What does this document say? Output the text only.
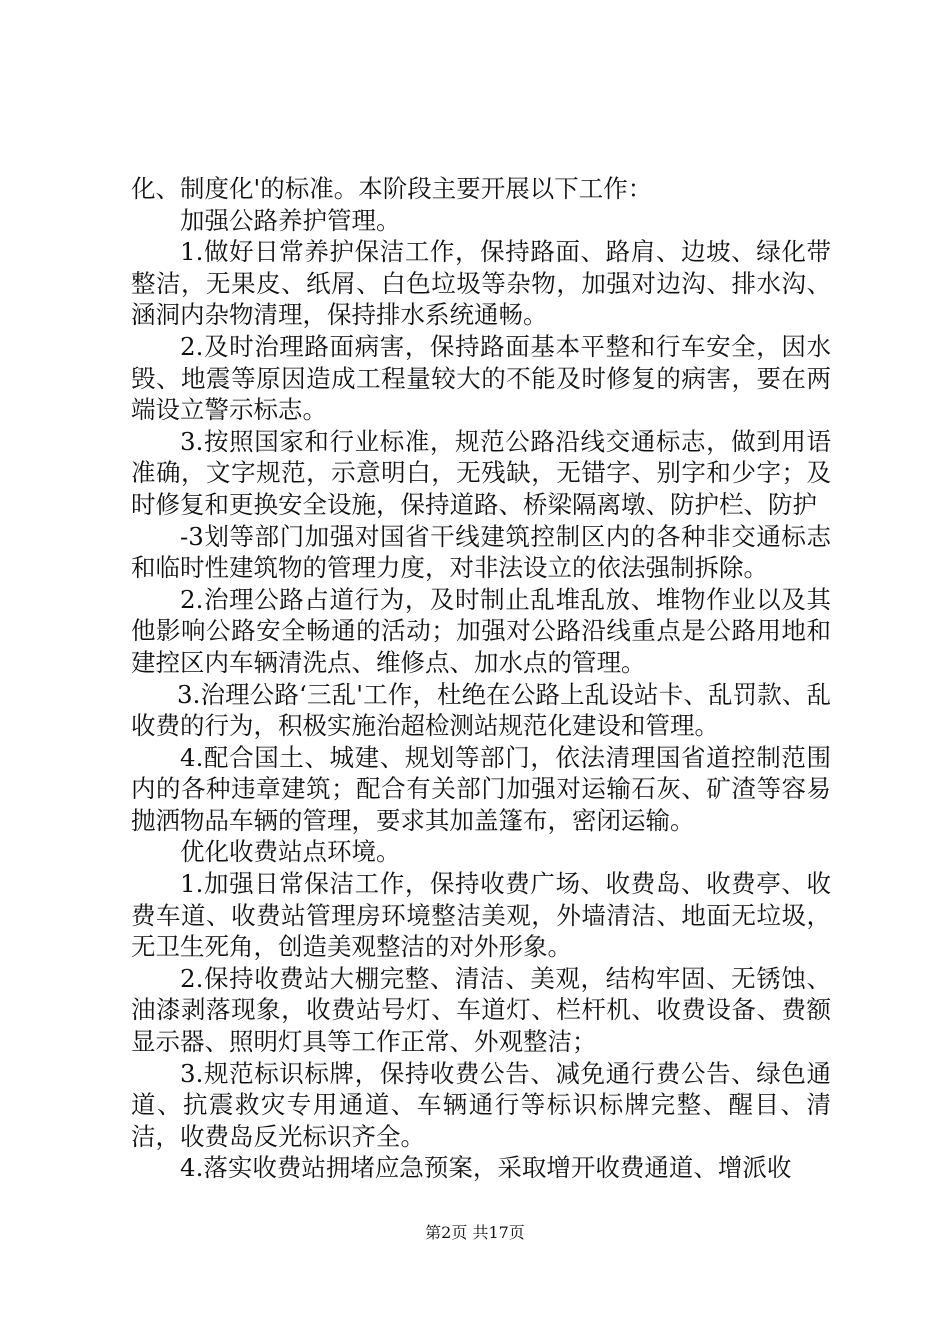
化、制度化'的标准。本阶段主要开展以下工作：

加强公路养护管理。

1.做好日常养护保洁工作，保持路面、路肩、边坡、绿化带整洁，无果皮、纸屑、白色垃圾等杂物，加强对边沟、排水沟、涵洞内杂物清理，保持排水系统通畅。

2.及时治理路面病害，保持路面基本平整和行车安全，因水毁、地震等原因造成工程量较大的不能及时修复的病害，要在两端设立警示标志。

3.按照国家和行业标准，规范公路沿线交通标志，做到用语准确，文字规范，示意明白，无残缺，无错字、别字和少字；及时修复和更换安全设施，保持道路、桥梁隔离墩、防护栏、防护

-3划等部门加强对国省干线建筑控制区内的各种非交通标志和临时性建筑物的管理力度，对非法设立的依法强制拆除。

2.治理公路占道行为，及时制止乱堆乱放、堆物作业以及其他影响公路安全畅通的活动；加强对公路沿线重点是公路用地和建控区内车辆清洗点、维修点、加水点的管理。

3.治理公路‘三乱'工作，杜绝在公路上乱设站卡、乱罚款、乱收费的行为，积极实施治超检测站规范化建设和管理。

4.配合国土、城建、规划等部门，依法清理国省道控制范围内的各种违章建筑；配合有关部门加强对运输石灰、矿渣等容易抛洒物品车辆的管理，要求其加盖篷布，密闭运输。

优化收费站点环境。

1.加强日常保洁工作，保持收费广场、收费岛、收费亭、收费车道、收费站管理房环境整洁美观，外墙清洁、地面无垃圾，无卫生死角，创造美观整洁的对外形象。

2.保持收费站大棚完整、清洁、美观，结构牢固、无锈蚀、油漆剥落现象，收费站号灯、车道灯、栏杆机、收费设备、费额显示器、照明灯具等工作正常、外观整洁；

3.规范标识标牌，保持收费公告、减免通行费公告、绿色通道、抗震救灾专用通道、车辆通行等标识标牌完整、醒目、清洁，收费岛反光标识齐全。

4.落实收费站拥堵应急预案，采取增开收费通道、增派收

第2页 共17页
